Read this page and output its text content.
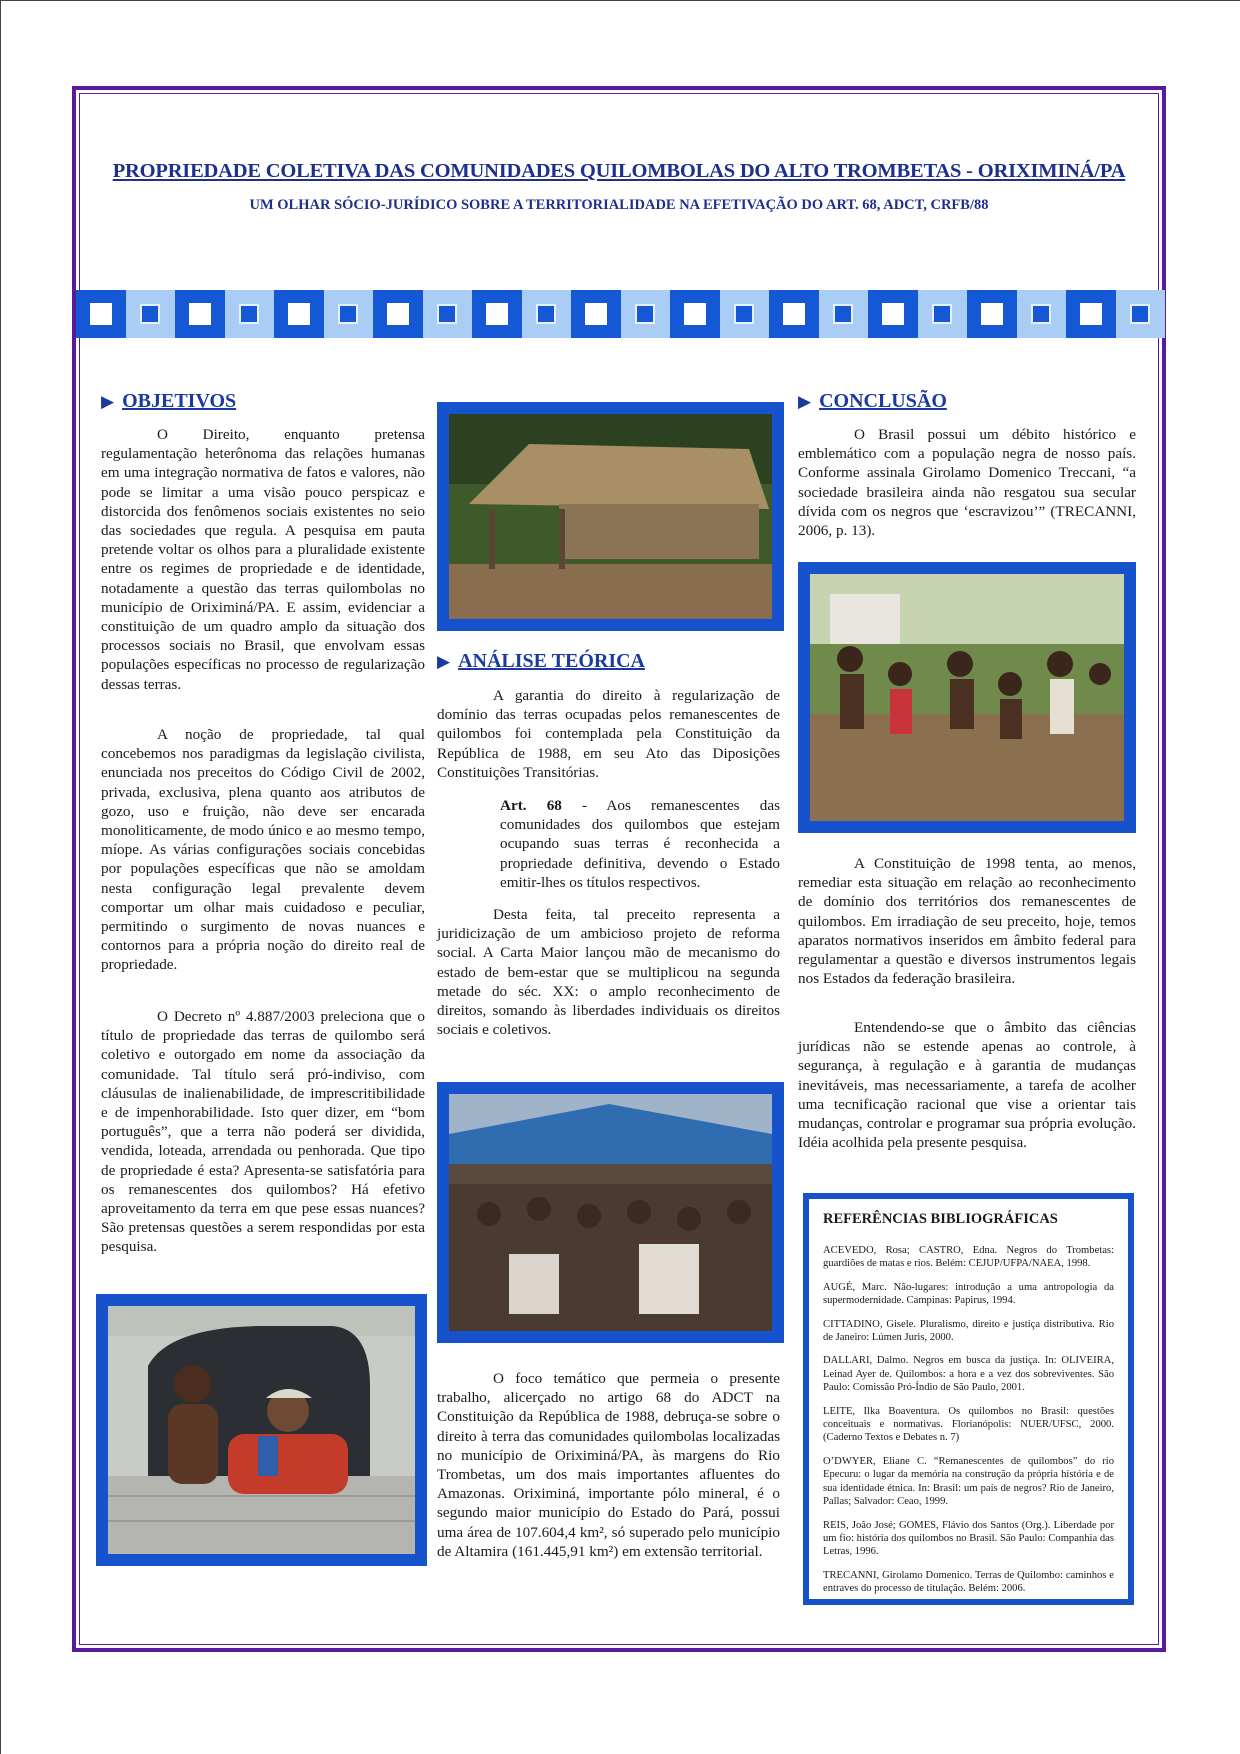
PROPRIEDADE COLETIVA DAS COMUNIDADES QUILOMBOLAS DO ALTO TROMBETAS - ORIXIMINÁ/PA
UM OLHAR SÓCIO-JURÍDICO SOBRE A TERRITORIALIDADE NA EFETIVAÇÃO DO ART. 68, ADCT, CRFB/88
▶ OBJETIVOS

O Direito, enquanto pretensa regulamentação heterônoma das relações humanas em uma integração normativa de fatos e valores, não pode se limitar a uma visão pouco perspicaz e distorcida dos fenômenos sociais existentes no seio das sociedades que regula. A pesquisa em pauta pretende voltar os olhos para a pluralidade existente entre os regimes de propriedade e de identidade, notadamente a questão das terras quilombolas no município de Oriximiná/PA. E assim, evidenciar a constituição de um quadro amplo da situação dos processos sociais no Brasil, que envolvam essas populações específicas no processo de regularização dessas terras.

A noção de propriedade, tal qual concebemos nos paradigmas da legislação civilista, enunciada nos preceitos do Código Civil de 2002, privada, exclusiva, plena quanto aos atributos de gozo, uso e fruição, não deve ser encarada monoliticamente, de modo único e ao mesmo tempo, míope. As várias configurações sociais concebidas por populações específicas que não se amoldam nesta configuração legal prevalente devem comportar um olhar mais cuidadoso e peculiar, permitindo o surgimento de novas nuances e contornos para a própria noção do direito real de propriedade.

O Decreto nº 4.887/2003 preleciona que o título de propriedade das terras de quilombo será coletivo e outorgado em nome da associação da comunidade. Tal título será pró-indiviso, com cláusulas de inalienabilidade, de imprescritibilidade e de impenhorabilidade. Isto quer dizer, em “bom português”, que a terra não poderá ser dividida, vendida, loteada, arrendada ou penhorada. Que tipo de propriedade é esta? Apresenta-se satisfatória para os remanescentes dos quilombos? Há efetivo aproveitamento da terra em que pese essas nuances? São pretensas questões a serem respondidas por esta pesquisa.

▶ ANÁLISE TEÓRICA

A garantia do direito à regularização de domínio das terras ocupadas pelos remanescentes de quilombos foi contemplada pela Constituição da República de 1988, em seu Ato das Diposições Constituições Transitórias.

Art. 68 - Aos remanescentes das comunidades dos quilombos que estejam ocupando suas terras é reconhecida a propriedade definitiva, devendo o Estado emitir-lhes os títulos respectivos.

Desta feita, tal preceito representa a juridicização de um ambicioso projeto de reforma social. A Carta Maior lançou mão de mecanismo do estado de bem-estar que se multiplicou na segunda metade do séc. XX: o amplo reconhecimento de direitos, somando às liberdades individuais os direitos sociais e coletivos.

O foco temático que permeia o presente trabalho, alicerçado no artigo 68 do ADCT na Constituição da República de 1988, debruça-se sobre o direito à terra das comunidades quilombolas localizadas no município de Oriximiná/PA, às margens do Rio Trombetas, um dos mais importantes afluentes do Amazonas. Oriximiná, importante pólo mineral, é o segundo maior município do Estado do Pará, possui uma área de 107.604,4 km², só superado pelo município de Altamira (161.445,91 km²) em extensão territorial.

▶ CONCLUSÃO

O Brasil possui um débito histórico e emblemático com a população negra de nosso país. Conforme assinala Girolamo Domenico Treccani, “a sociedade brasileira ainda não resgatou sua secular dívida com os negros que ‘escravizou’” (TRECANNI, 2006, p. 13).

A Constituição de 1998 tenta, ao menos, remediar esta situação em relação ao reconhecimento de domínio dos territórios dos remanescentes de quilombos. Em irradiação de seu preceito, hoje, temos aparatos normativos inseridos em âmbito federal para regulamentar a questão e diversos instrumentos legais nos Estados da federação brasileira.

Entendendo-se que o âmbito das ciências jurídicas não se estende apenas ao controle, à segurança, à regulação e à garantia de mudanças inevitáveis, mas necessariamente, a tarefa de acolher uma tecnificação racional que vise a orientar tais mudanças, controlar e programar sua própria evolução. Idéia acolhida pela presente pesquisa.

REFERÊNCIAS BIBLIOGRÁFICAS
ACEVEDO, Rosa; CASTRO, Edna. Negros do Trombetas: guardiões de matas e rios. Belém: CEJUP/UFPA/NAEA, 1998.
AUGÉ, Marc. Não-lugares: introdução a uma antropologia da supermodernidade. Campinas: Papirus, 1994.
CITTADINO, Gisele. Pluralismo, direito e justiça distributiva. Rio de Janeiro: Lúmen Juris, 2000.
DALLARI, Dalmo. Negros em busca da justiça. In: OLIVEIRA, Leinad Ayer de. Quilombos: a hora e a vez dos sobreviventes. São Paulo: Comissão Pró-Índio de São Paulo, 2001.
LEITE, Ilka Boaventura. Os quilombos no Brasil: questões conceituais e normativas. Florianópolis: NUER/UFSC, 2000. (Caderno Textos e Debates n. 7)
O’DWYER, Eliane C. “Remanescentes de quilombos” do rio Epecuru: o lugar da memória na construção da própria história e de sua identidade étnica. In: Brasil: um país de negros? Rio de Janeiro, Pallas; Salvador: Ceao, 1999.
REIS, João José; GOMES, Flávio dos Santos (Org.). Liberdade por um fio: história dos quilombos no Brasil. São Paulo: Companhia das Letras, 1996.
TRECANNI, Girolamo Domenico. Terras de Quilombo: caminhos e entraves do processo de titulação. Belém: 2006.
